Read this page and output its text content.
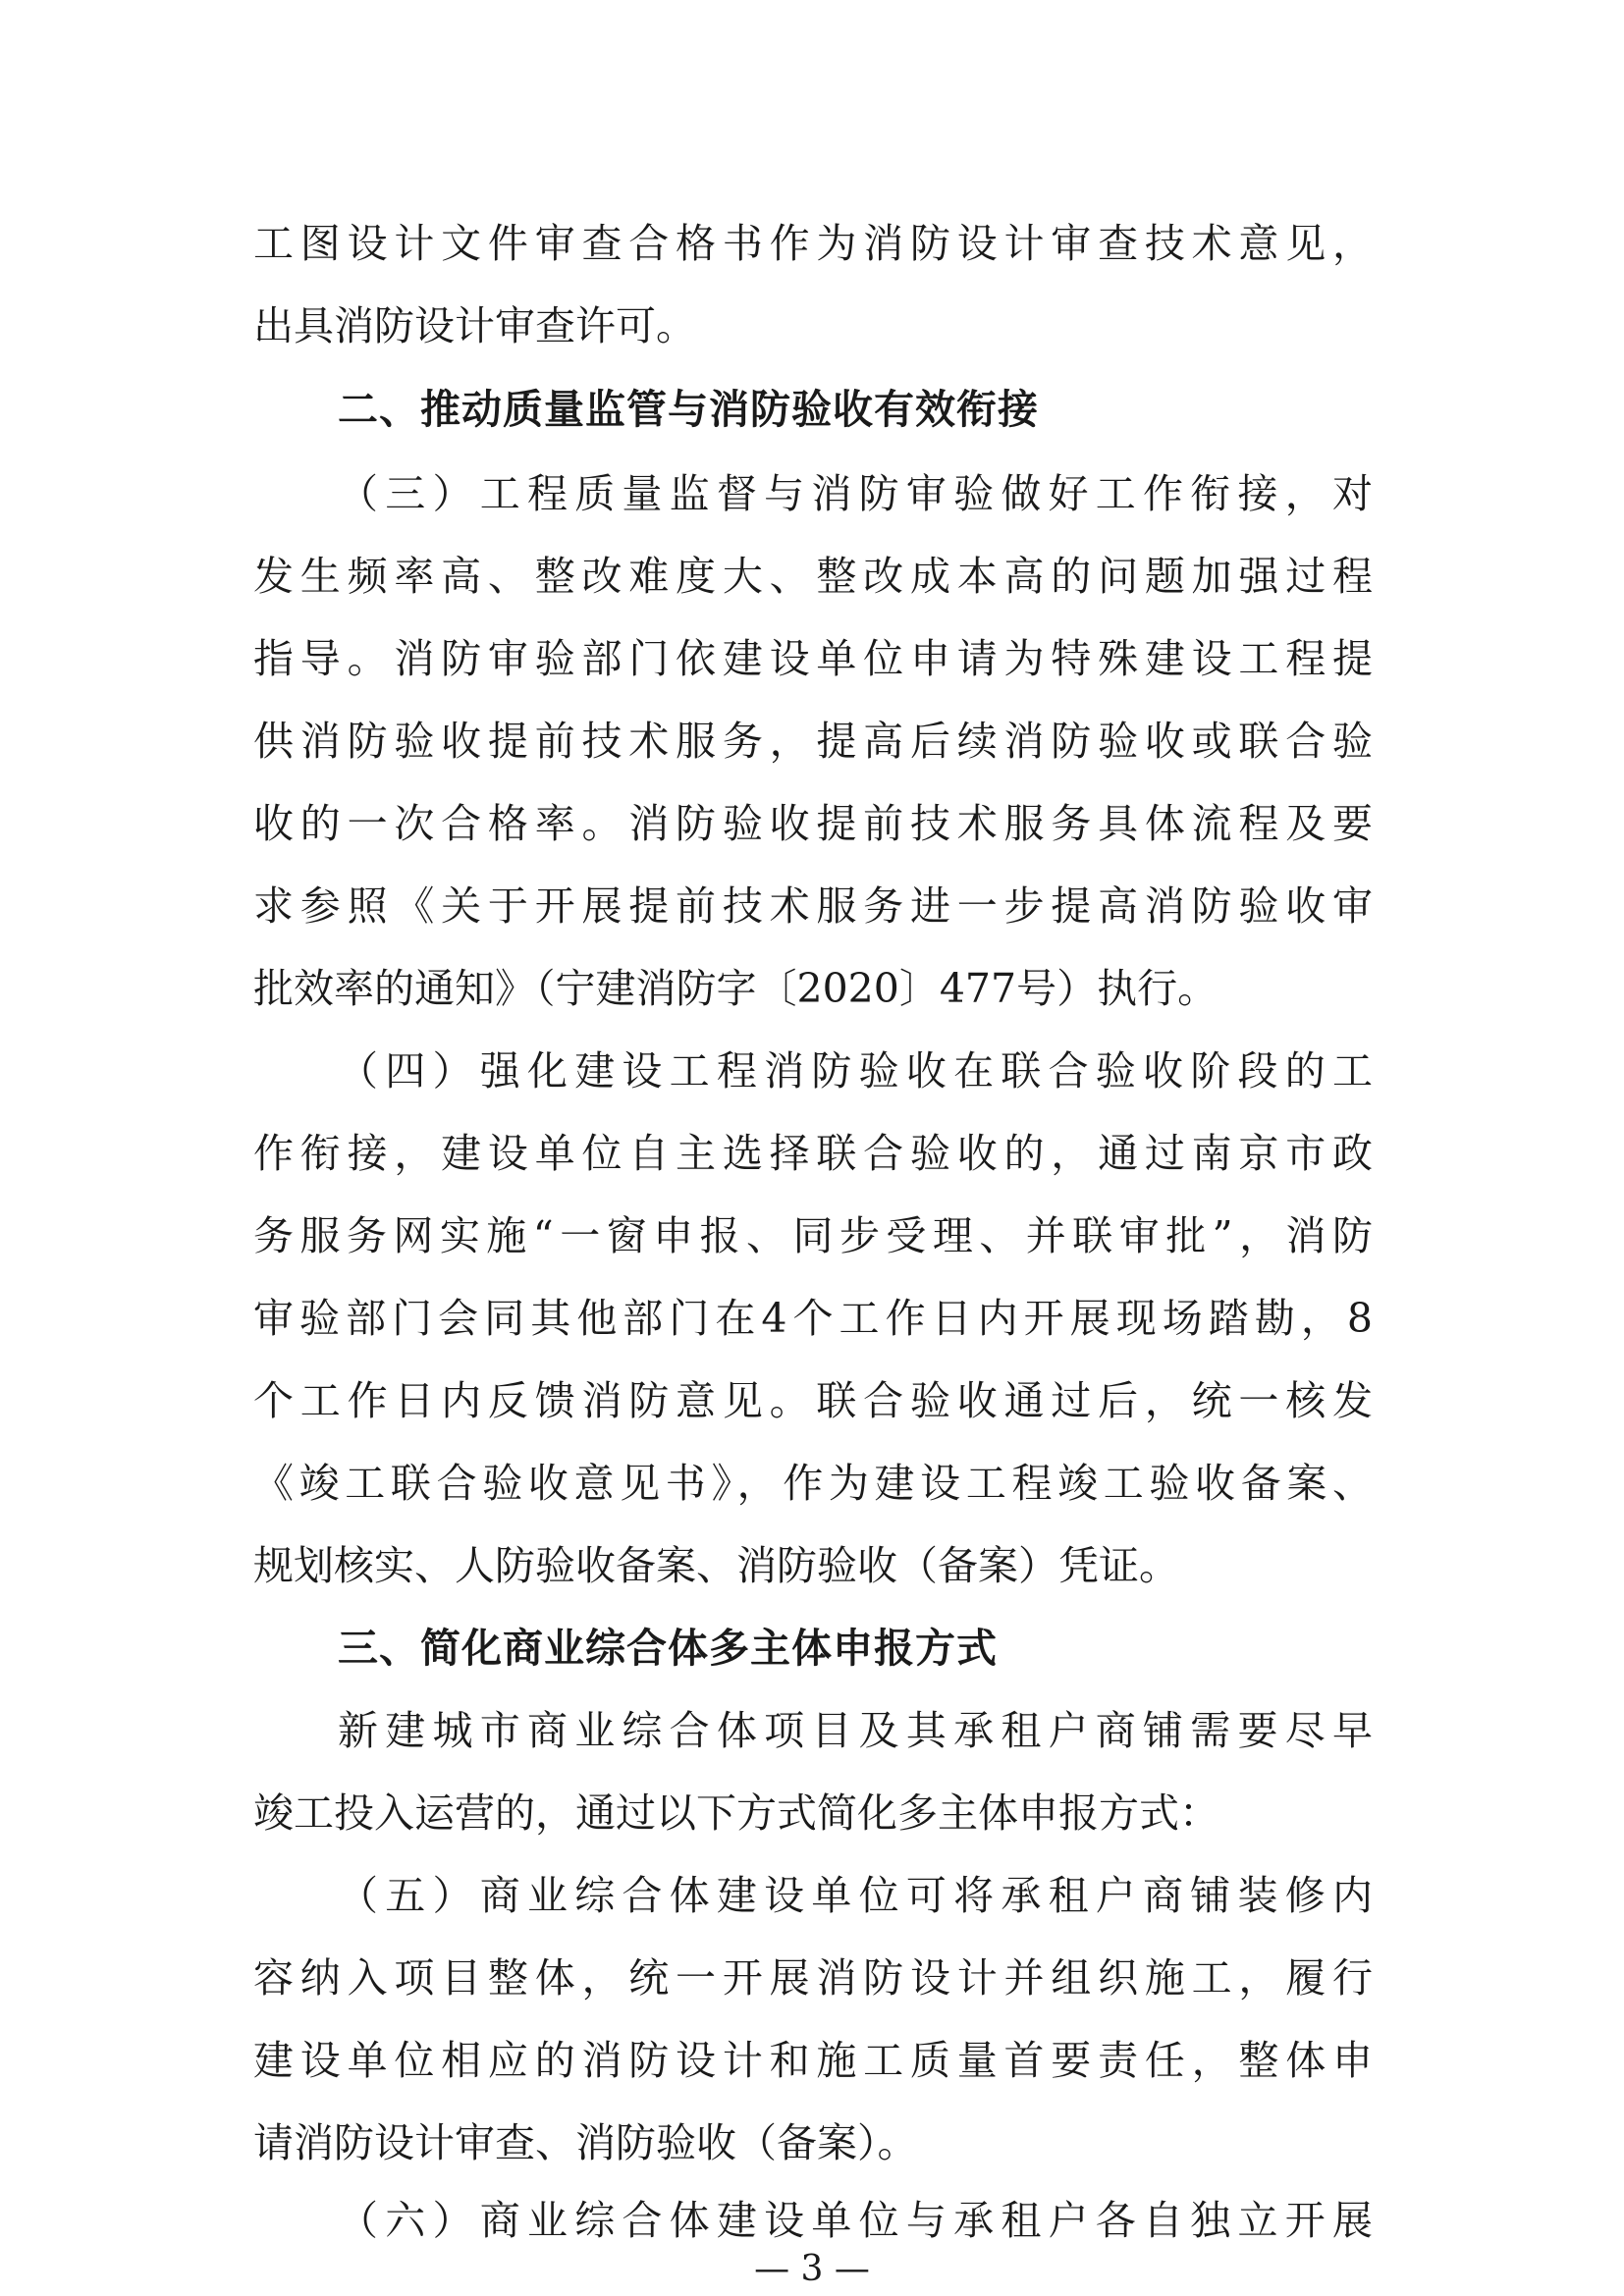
工图设计文件审查合格书作为消防设计审查技术意见，
出具消防设计审查许可。
二、推动质量监管与消防验收有效衔接
（三）工程质量监督与消防审验做好工作衔接，对
发生频率高、整改难度大、整改成本高的问题加强过程
指导。消防审验部门依建设单位申请为特殊建设工程提
供消防验收提前技术服务，提高后续消防验收或联合验
收的一次合格率。消防验收提前技术服务具体流程及要
求参照《关于开展提前技术服务进一步提高消防验收审
批效率的通知》（宁建消防字〔2020〕477号）执行。
（四）强化建设工程消防验收在联合验收阶段的工
作衔接，建设单位自主选择联合验收的，通过南京市政
务服务网实施“一窗申报、同步受理、并联审批”，消防
审验部门会同其他部门在4个工作日内开展现场踏勘，8
个工作日内反馈消防意见。联合验收通过后，统一核发
《竣工联合验收意见书》，作为建设工程竣工验收备案、
规划核实、人防验收备案、消防验收（备案）凭证。
三、简化商业综合体多主体申报方式
新建城市商业综合体项目及其承租户商铺需要尽早
竣工投入运营的，通过以下方式简化多主体申报方式：
（五）商业综合体建设单位可将承租户商铺装修内
容纳入项目整体，统一开展消防设计并组织施工，履行
建设单位相应的消防设计和施工质量首要责任，整体申
请消防设计审查、消防验收（备案）。
（六）商业综合体建设单位与承租户各自独立开展
— 3 —
